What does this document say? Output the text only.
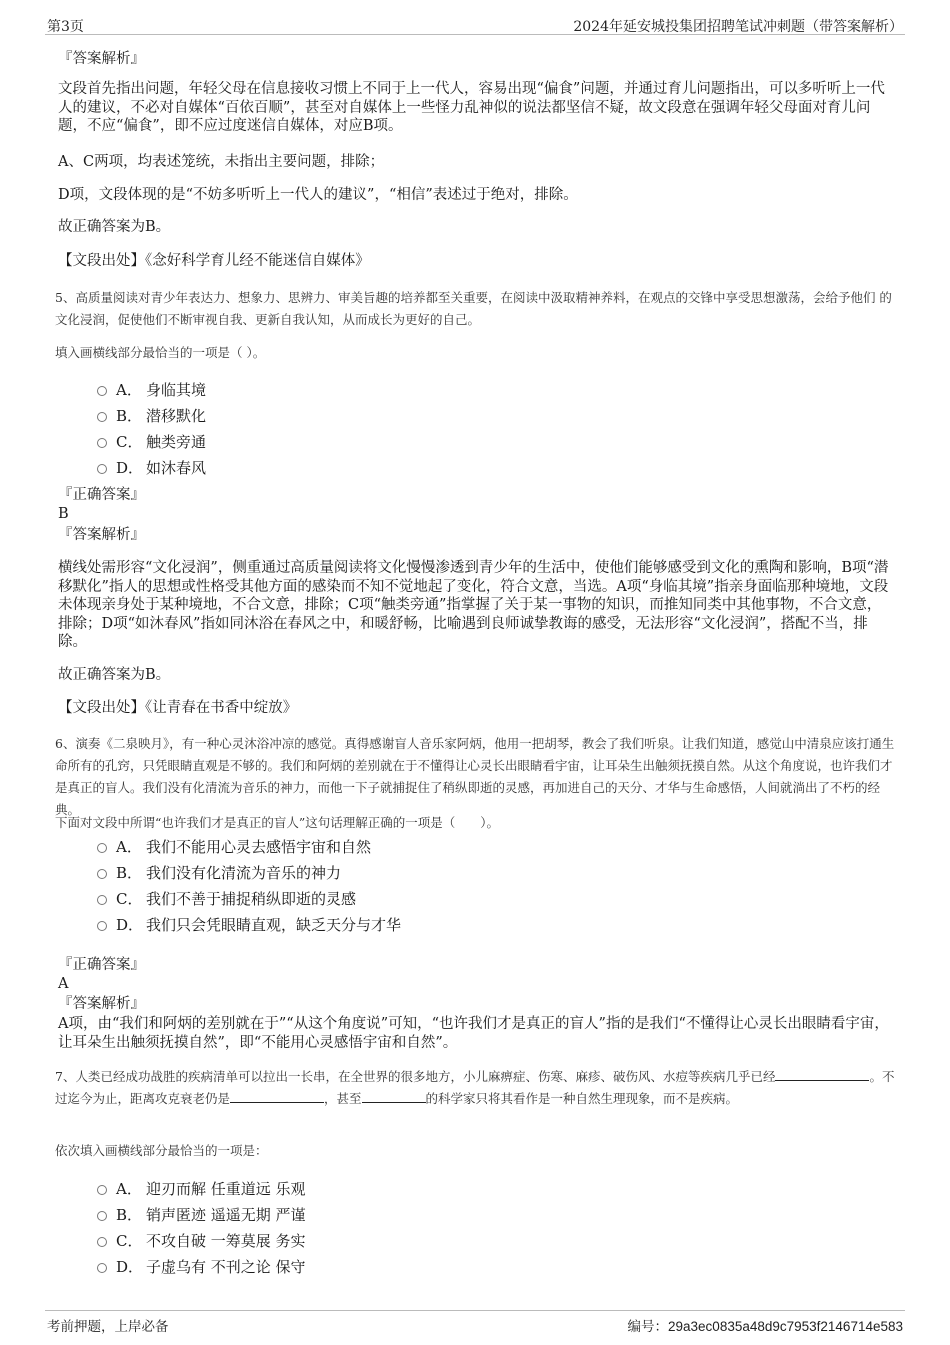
第3页	2024年延安城投集团招聘笔试冲刺题（带答案解析）
『答案解析』
文段首先指出问题，年轻父母在信息接收习惯上不同于上一代人，容易出现“偏食”问题，并通过育儿问题指出，可以多听听上一代人的建议，不必对自媒体“百依百顺”，甚至对自媒体上一些怪力乱神似的说法都坚信不疑，故文段意在强调年轻父母面对育儿问题，不应“偏食”，即不应过度迷信自媒体，对应B项。
A、C两项，均表述笼统，未指出主要问题，排除；
D项，文段体现的是“不妨多听听上一代人的建议”，“相信”表述过于绝对，排除。
故正确答案为B。
【文段出处】《念好科学育儿经不能迷信自媒体》
5、高质量阅读对青少年表达力、想象力、思辨力、审美旨趣的培养都至关重要，在阅读中汲取精神养料，在观点的交锋中享受思想激荡，会给予他们 的文化浸润，促使他们不断审视自我、更新自我认知，从而成长为更好的自己。
填入画横线部分最恰当的一项是（ ）。
A． 身临其境
B． 潜移默化
C． 触类旁通
D． 如沐春风
『正确答案』
B
『答案解析』
横线处需形容“文化浸润”，侧重通过高质量阅读将文化慢慢渗透到青少年的生活中，使他们能够感受到文化的熏陶和影响，B项“潜移默化”指人的思想或性格受其他方面的感染而不知不觉地起了变化，符合文意，当选。A项“身临其境”指亲身面临那种境地，文段未体现亲身处于某种境地，不合文意，排除；C项“触类旁通”指掌握了关于某一事物的知识，而推知同类中其他事物，不合文意，排除；D项“如沐春风”指如同沐浴在春风之中，和暖舒畅，比喻遇到良师诚挚教诲的感受，无法形容“文化浸润”，搭配不当，排除。
故正确答案为B。
【文段出处】《让青春在书香中绽放》
6、演奏《二泉映月》，有一种心灵沐浴冲凉的感觉。真得感谢盲人音乐家阿炳，他用一把胡琴，教会了我们听泉。让我们知道，感觉山中清泉应该打通生命所有的孔窍，只凭眼睛直观是不够的。我们和阿炳的差别就在于不懂得让心灵长出眼睛看宇宙，让耳朵生出触须抚摸自然。从这个角度说，也许我们才是真正的盲人。我们没有化清流为音乐的神力，而他一下子就捕捉住了稍纵即逝的灵感，再加进自己的天分、才华与生命感悟，人间就淌出了不朽的经典。
下面对文段中所谓“也许我们才是真正的盲人”这句话理解正确的一项是（　　）。
A． 我们不能用心灵去感悟宇宙和自然
B． 我们没有化清流为音乐的神力
C． 我们不善于捕捉稍纵即逝的灵感
D． 我们只会凭眼睛直观，缺乏天分与才华
『正确答案』
A
『答案解析』
A项，由“我们和阿炳的差别就在于”“从这个角度说”可知，“也许我们才是真正的盲人”指的是我们“不懂得让心灵长出眼睛看宇宙，让耳朵生出触须抚摸自然”，即“不能用心灵感悟宇宙和自然”。
7、人类已经成功战胜的疾病清单可以拉出一长串，在全世界的很多地方，小儿麻痹症、伤寒、麻疹、破伤风、水痘等疾病几乎已经	。不过迄今为止，距离攻克衰老仍是	，甚至	的科学家只将其看作是一种自然生理现象，而不是疾病。
依次填入画横线部分最恰当的一项是：
A． 迎刃而解 任重道远 乐观
B． 销声匿迹 遥遥无期 严谨
C． 不攻自破 一筹莫展 务实
D． 子虚乌有 不刊之论 保守
考前押题，上岸必备	编号：29a3ec0835a48d9c7953f2146714e583
